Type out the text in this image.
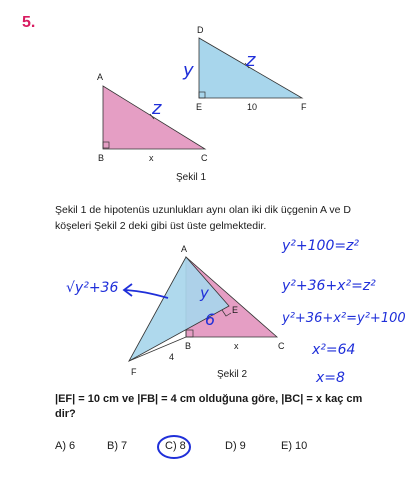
5.
A
B	C
x
D
E	F
10
Şekil 1
A
B	C
E
F
x
4
Şekil 2
y	z
z
y
6
√y²+36
y²+100=z²
y²+36+x²=z²
y²+36+x²=y²+100
x²=64
x=8
Şekil 1 de hipotenüs uzunlukları aynı olan iki dik üçgenin A ve D köşeleri Şekil 2 deki gibi üst üste gelmektedir.
|EF| = 10 cm ve |FB| = 4 cm olduğuna göre, |BC| = x kaç cm dir?
A) 6	B) 7	C) 8	D) 9	E) 10
